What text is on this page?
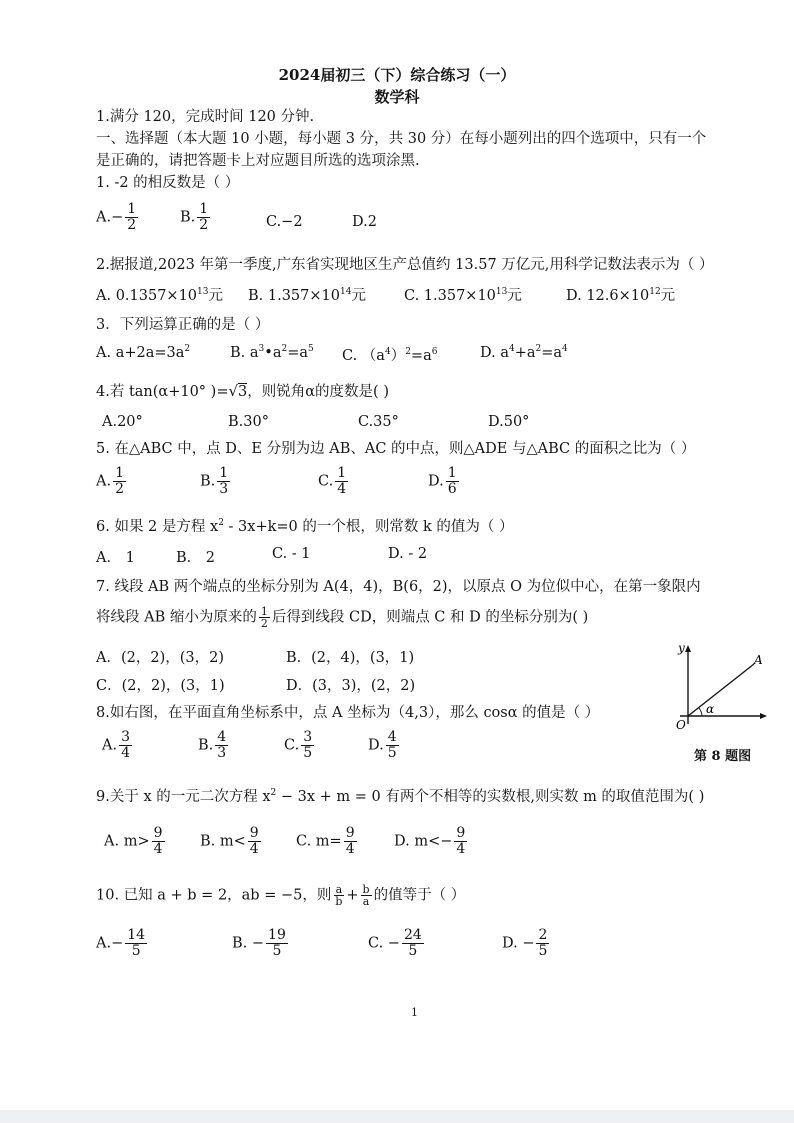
2024届初三（下）综合练习（一）
数学科
1.满分 120，完成时间 120 分钟.
一、选择题（本大题 10 小题，每小题 3 分，共 30 分）在每小题列出的四个选项中，只有一个
是正确的，请把答题卡上对应题目所选的选项涂黑.
1. -2 的相反数是（ ）
$A.- \frac{1}{2}$	B. $\frac{1}{2}$	C.−2	D.2
2.据报道,2023 年第一季度,广东省实现地区生产总值约 13.57 万亿元,用科学记数法表示为（ ）
A. $0.1357\times 10^{13}$元 B. $1.357\times 10^{14}$元	C. $1.357\times 10^{13}$元	D. $12.6\times 10^{12}$元
3．下列运算正确的是（ ）
A. $a+2a=3a^2$	B. $a^3•a^2=a^5$ C. $(a^4)^2=a^6$	D. $a^4+a^2=a^4$
4.若 tan(α+10° )=√3，则锐角α的度数是( )
A.20°	B.30°	C.35°	D.50°
5. 在△ABC 中，点 D、E 分别为边 AB、AC 的中点，则△ADE 与△ABC 的面积之比为（ ）
A. $\frac{1}{2}$	B. $\frac{1}{3}$	C. $\frac{1}{4}$	D. $\frac{1}{6}$
6. 如果 2 是方程 $x^2 - 3x+k=0$ 的一个根，则常数 k 的值为（ ）
A． 1	B． 2	C. - 1	D. - 2
7. 线段 AB 两个端点的坐标分别为 A(4，4)，B(6，2)，以原点 O 为位似中心，在第一象限内
将线段 AB 缩小为原来的 $\frac{1}{2}$ 后得到线段 CD，则端点 C 和 D 的坐标分别为( )
A．(2，2)，(3，2)	B．(2，4)，(3，1)
C．(2，2)，(3，1)	D．(3，3)，(2，2)
8.如右图，在平面直角坐标系中，点 A 坐标为（4,3），那么 cosα 的值是（ ）
A. $\frac{3}{4}$	B. $\frac{4}{3}$	C. $\frac{3}{5}$	D. $\frac{4}{5}$
y
A
O
α
第 8 题图
9.关于 x 的一元二次方程 $x^2 - 3x + m = 0$ 有两个不相等的实数根,则实数 m 的取值范围为( )
A. $m> \frac{9}{4} B$. $m< \frac{9}{4} C$. $m= \frac{9}{4}$	D. $m<- \frac{9}{4}$
10. 已知 a + b = 2，ab = −5，则 $\frac{a}{b} + \frac{b}{a}$ 的值等于（ ）
$A.- \frac{14}{5}$	B. − $\frac{19}{5}$	C. − $\frac{24}{5}$	D. − $\frac{2}{5}$
1
